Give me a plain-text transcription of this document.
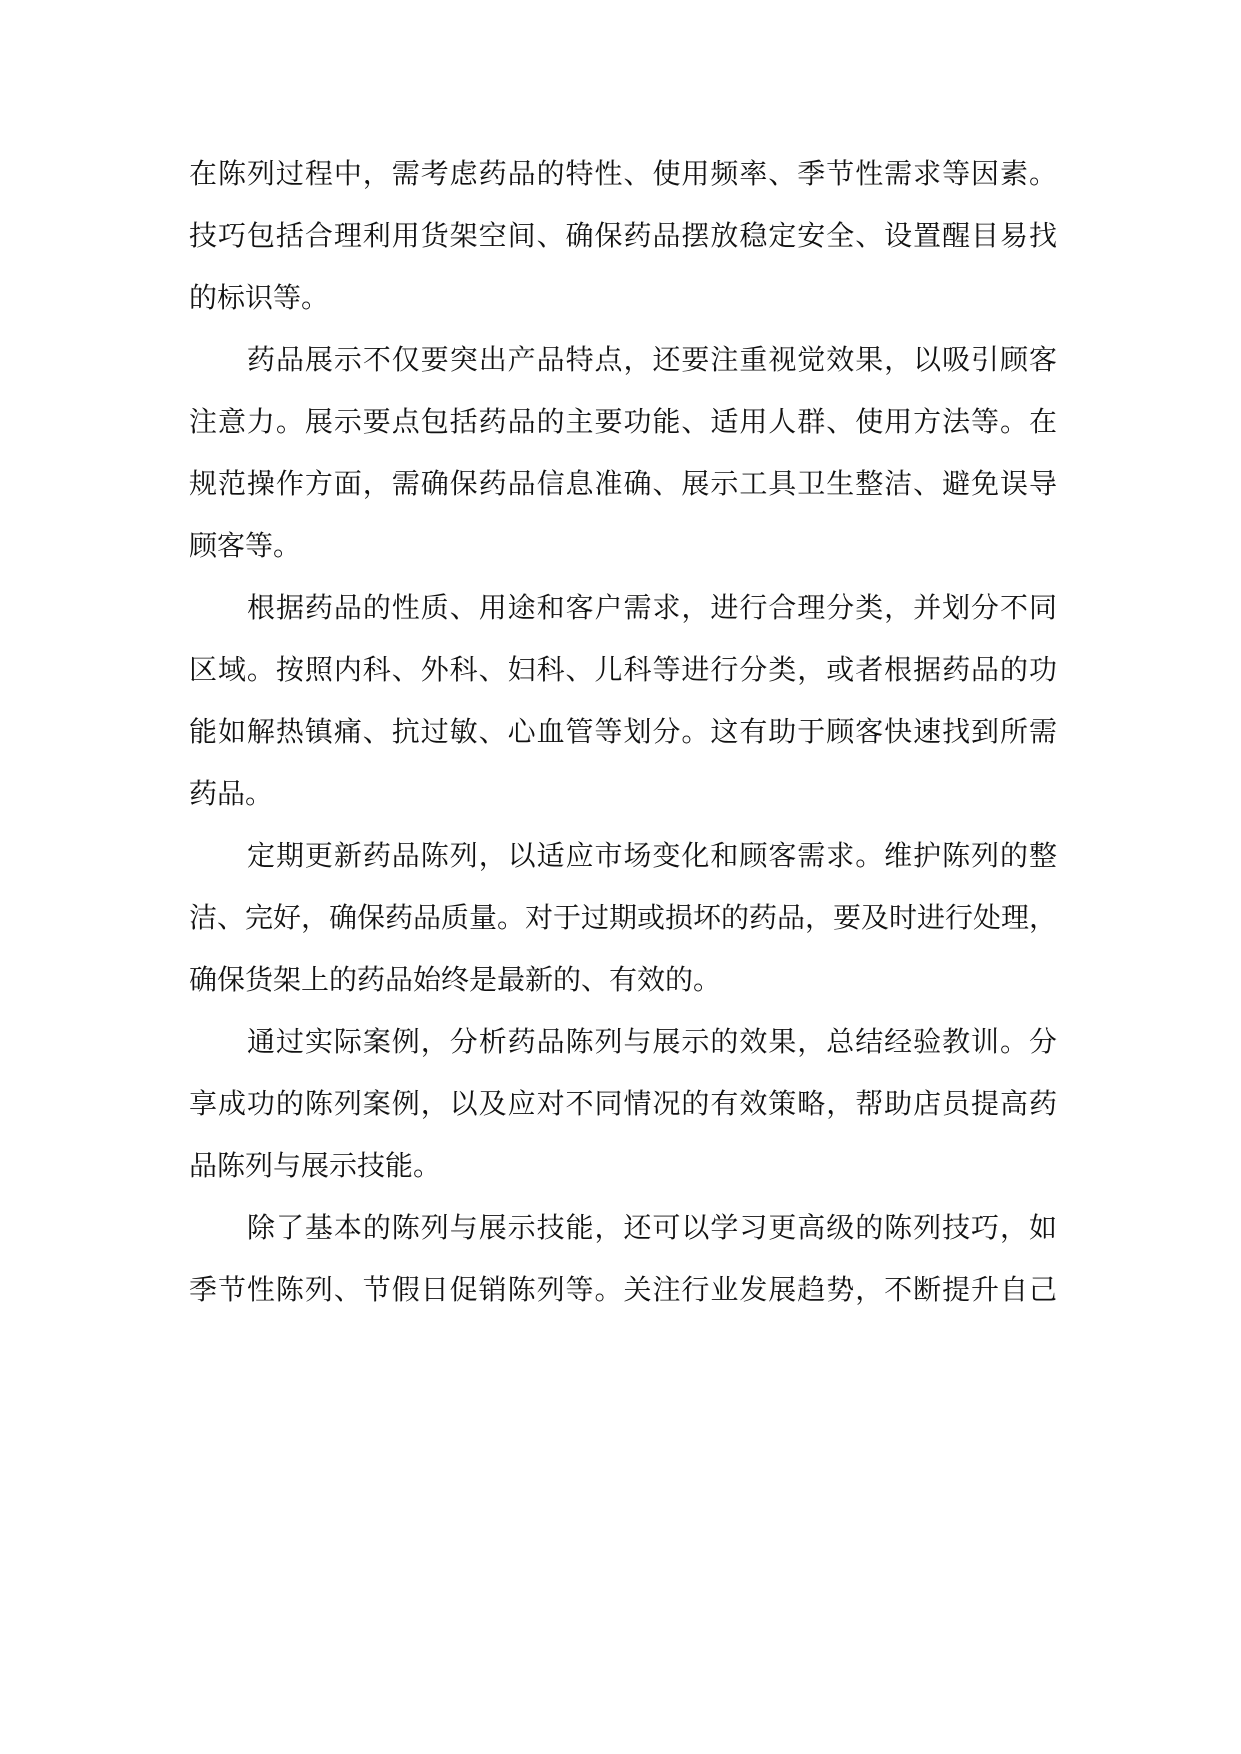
在陈列过程中，需考虑药品的特性、使用频率、季节性需求等因素。
技巧包括合理利用货架空间、确保药品摆放稳定安全、设置醒目易找
的标识等。
药品展示不仅要突出产品特点，还要注重视觉效果，以吸引顾客
注意力。展示要点包括药品的主要功能、适用人群、使用方法等。在
规范操作方面，需确保药品信息准确、展示工具卫生整洁、避免误导
顾客等。
根据药品的性质、用途和客户需求，进行合理分类，并划分不同
区域。按照内科、外科、妇科、儿科等进行分类，或者根据药品的功
能如解热镇痛、抗过敏、心血管等划分。这有助于顾客快速找到所需
药品。
定期更新药品陈列，以适应市场变化和顾客需求。维护陈列的整
洁、完好，确保药品质量。对于过期或损坏的药品，要及时进行处理，
确保货架上的药品始终是最新的、有效的。
通过实际案例，分析药品陈列与展示的效果，总结经验教训。分
享成功的陈列案例，以及应对不同情况的有效策略，帮助店员提高药
品陈列与展示技能。
除了基本的陈列与展示技能，还可以学习更高级的陈列技巧，如
季节性陈列、节假日促销陈列等。关注行业发展趋势，不断提升自己
